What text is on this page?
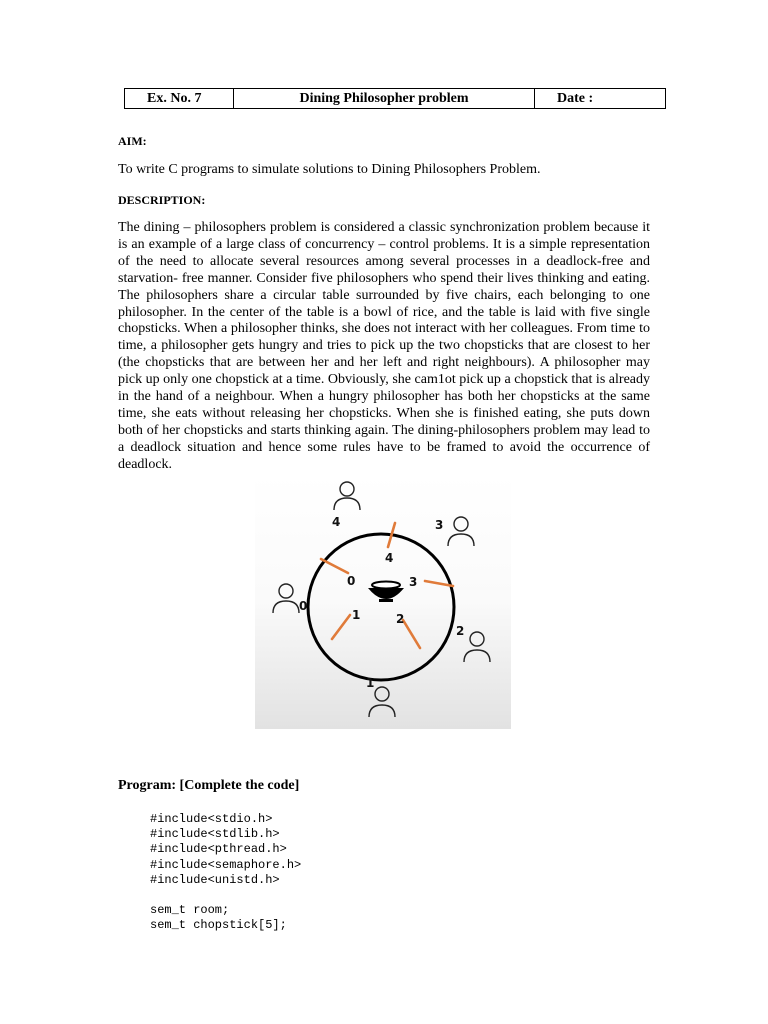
Ex. No. 7	Dining Philosopher problem	Date :
AIM:
To write C programs to simulate solutions to Dining Philosophers Problem.
DESCRIPTION:
The dining – philosophers problem is considered a classic synchronization problem because it is an example of a large class of concurrency – control problems. It is a simple representation of the need to allocate several resources among several processes in a deadlock-free and starvation- free manner. Consider five philosophers who spend their lives thinking and eating. The philosophers share a circular table surrounded by five chairs, each belonging to one philosopher. In the center of the table is a bowl of rice, and the table is laid with five single chopsticks. When a philosopher thinks, she does not interact with her colleagues. From time to time, a philosopher gets hungry and tries to pick up the two chopsticks that are closest to her (the chopsticks that are between her and her left and right neighbours). A philosopher may pick up only one chopstick at a time. Obviously, she cam1ot pick up a chopstick that is already in the hand of a neighbour. When a hungry philosopher has both her chopsticks at the same time, she eats without releasing her chopsticks. When she is finished eating, she puts down both of her chopsticks and starts thinking again. The dining-philosophers problem may lead to a deadlock situation and hence some rules have to be framed to avoid the occurrence of deadlock.
0
1	2
3
4
0
1
2
3
4
Program: [Complete the code]
#include<stdio.h>
#include<stdlib.h>
#include<pthread.h>
#include<semaphore.h>
#include<unistd.h>

sem_t room;
sem_t chopstick[5];
